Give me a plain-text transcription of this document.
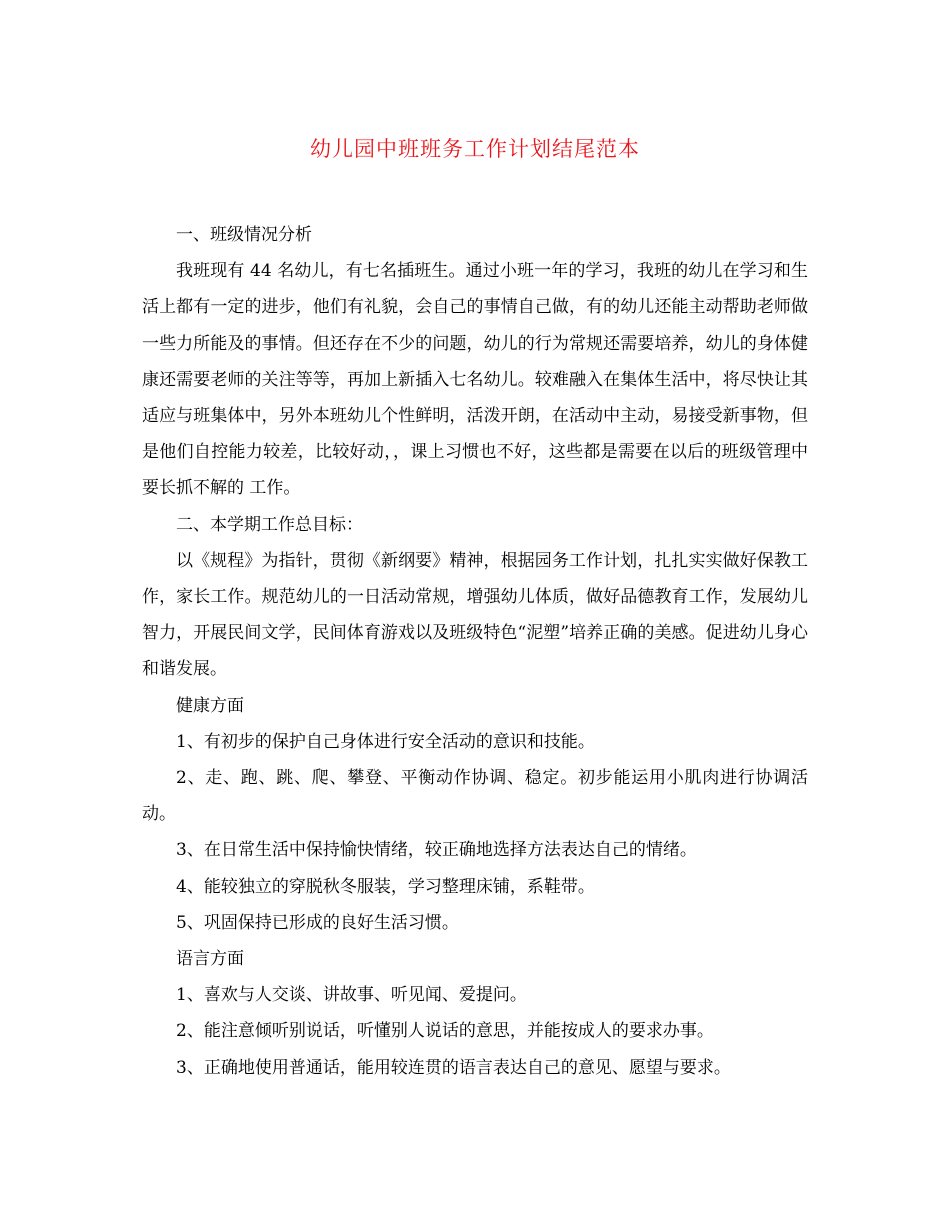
幼儿园中班班务工作计划结尾范本

一、班级情况分析

我班现有 44 名幼儿，有七名插班生。通过小班一年的学习，我班的幼儿在学习和生活上都有一定的进步，他们有礼貌，会自己的事情自己做，有的幼儿还能主动帮助老师做一些力所能及的事情。但还存在不少的问题，幼儿的行为常规还需要培养，幼儿的身体健康还需要老师的关注等等，再加上新插入七名幼儿。较难融入在集体生活中，将尽快让其适应与班集体中，另外本班幼儿个性鲜明，活泼开朗，在活动中主动，易接受新事物，但是他们自控能力较差，比较好动，，课上习惯也不好，这些都是需要在以后的班级管理中要长抓不解的 工作。

二、本学期工作总目标：

以《规程》为指针，贯彻《新纲要》精神，根据园务工作计划，扎扎实实做好保教工作，家长工作。规范幼儿的一日活动常规，增强幼儿体质，做好品德教育工作，发展幼儿智力，开展民间文学，民间体育游戏以及班级特色“泥塑”培养正确的美感。促进幼儿身心和谐发展。

健康方面

1、有初步的保护自己身体进行安全活动的意识和技能。

2、走、跑、跳、爬、攀登、平衡动作协调、稳定。初步能运用小肌肉进行协调活动。

3、在日常生活中保持愉快情绪，较正确地选择方法表达自己的情绪。

4、能较独立的穿脱秋冬服装，学习整理床铺，系鞋带。

5、巩固保持已形成的良好生活习惯。

语言方面

1、喜欢与人交谈、讲故事、听见闻、爱提问。

2、能注意倾听别说话，听懂别人说话的意思，并能按成人的要求办事。

3、正确地使用普通话，能用较连贯的语言表达自己的意见、愿望与要求。
